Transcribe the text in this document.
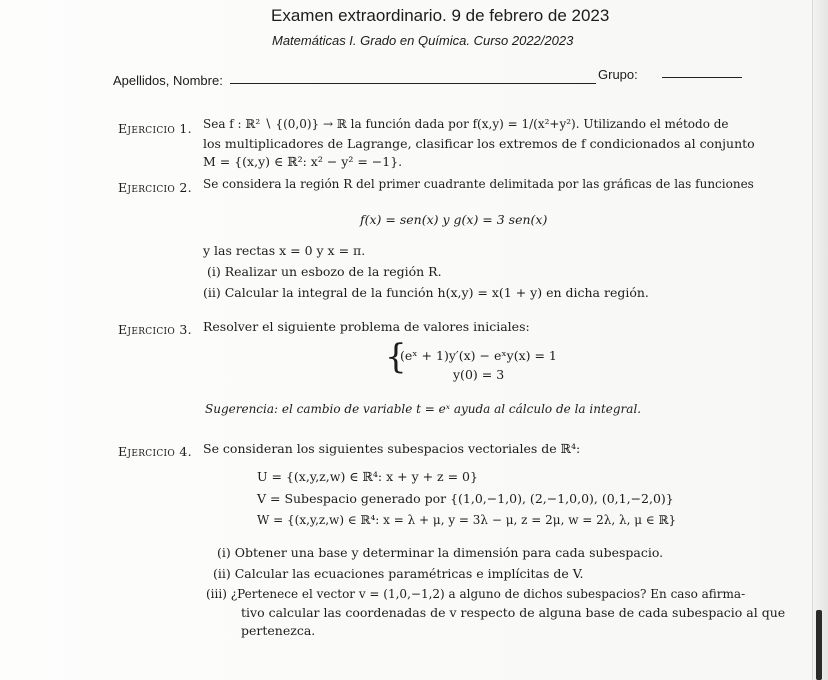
Examen extraordinario. 9 de febrero de 2023
Matemáticas I. Grado en Química. Curso 2022/2023
Apellidos, Nombre:	Grupo:
Ejercicio 1. Sea f : ℝ² ∖ {(0,0)} → ℝ la función dada por f(x,y) = 1/(x²+y²). Utilizando el método de
los multiplicadores de Lagrange, clasificar los extremos de f condicionados al conjunto
M = {(x,y) ∈ ℝ²: x² − y² = −1}.
Ejercicio 2. Se considera la región R del primer cuadrante delimitada por las gráficas de las funciones
f(x) = sen(x) y g(x) = 3 sen(x)
y las rectas x = 0 y x = π.
(i) Realizar un esbozo de la región R.
(ii) Calcular la integral de la función h(x,y) = x(1 + y) en dicha región.
Ejercicio 3. Resolver el siguiente problema de valores iniciales:
{
(eˣ + 1)y′(x) − eˣy(x) = 1
y(0) = 3
Sugerencia: el cambio de variable t = eˣ ayuda al cálculo de la integral.
Ejercicio 4. Se consideran los siguientes subespacios vectoriales de ℝ⁴:
U = {(x,y,z,w) ∈ ℝ⁴: x + y + z = 0}
V = Subespacio generado por {(1,0,−1,0), (2,−1,0,0), (0,1,−2,0)}
W = {(x,y,z,w) ∈ ℝ⁴: x = λ + μ, y = 3λ − μ, z = 2μ, w = 2λ, λ, μ ∈ ℝ}
(i) Obtener una base y determinar la dimensión para cada subespacio.
(ii) Calcular las ecuaciones paramétricas e implícitas de V.
(iii) ¿Pertenece el vector v = (1,0,−1,2) a alguno de dichos subespacios? En caso afirma-
tivo calcular las coordenadas de v respecto de alguna base de cada subespacio al que
pertenezca.
